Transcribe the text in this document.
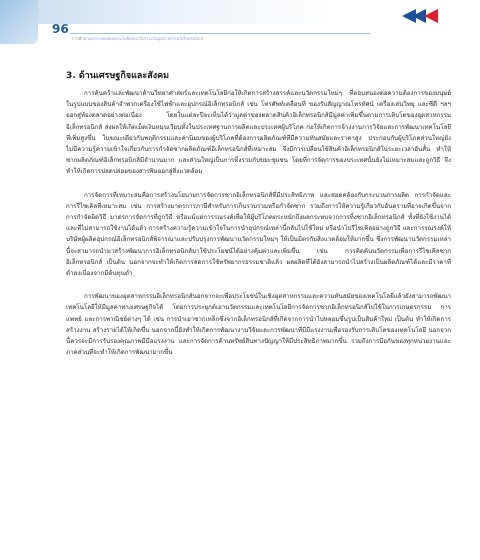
96
การศึกษาผลกระทบต่อเทคโนโลยีและนวัตกรรมในอุตสาหกรรมอิเล็กทรอนิกส์
3. ด้านเศรษฐกิจและสังคม

การค้นคว้าและพัฒนาด้านวิทยาศาสตร์และเทคโนโลยีก่อให้เกิดการสร้างสรรค์และนวัตกรรมใหม่ๆ ที่ตอบสนองต่อความต้องการของมนุษย์ ในรูปแบบของสินค้าจำพวกเครื่องใช้ไฟฟ้าและอุปกรณ์อิเล็กทรอนิกส์ เช่น โทรศัพท์เคลื่อนที่ ของรับสัญญาณโทรทัศน์ เครื่องเล่นวิทยุ และซีดี ฯลฯ ออกสู่ท้องตลาดอย่างต่อเนื่อง โดยในแต่ละปีจะเห็นได้ว่ามูลค่าของตลาดสินค้าอิเล็กทรอนิกส์มีมูลค่าเพิ่มขึ้นตามการเติบโตของอุตสาหกรรมอิเล็กทรอนิกส์ ส่งผลให้เกิดเม็ดเงินหมุนเวียนทั้งในประเทศฐานการผลิตและประเทศผู้บริโภค ก่อให้เกิดการจ้างงานการวิจัยและการพัฒนาเทคโนโลยีที่เพิ่มสูงขึ้น ในขณะเดียวกันพฤติกรรมและค่านิยมของผู้บริโภคที่ต้องการผลิตภัณฑ์ที่มีความทันสมัยและราคาสูง ประกอบกับผู้บริโภคส่วนใหญ่ยังไม่มีความรู้ความเข้าใจเกี่ยวกับการกำจัดซากผลิตภัณฑ์อิเล็กทรอนิกส์ที่เหมาะสม จึงมีการเปลี่ยนใช้สินค้าอิเล็กทรอนิกส์ในระยะเวลาอันสั้น ทำให้ซากผลิตภัณฑ์อิเล็กทรอนิกส์มีจำนวนมาก และส่วนใหญ่เป็นการทิ้งรวมกับขยะชุมชน โดยที่การจัดการของประเทศนั้นยังไม่เหมาะสมและถูกวิธี จึงทำให้เกิดการปลดปล่อยของสารพิษออกสู่สิ่งแวดล้อม

การจัดการที่เหมาะสมคือการสร้างนโยบายการจัดการซากอิเล็กทรอนิกส์ที่มีประสิทธิภาพ และสอดคล้องกับกระบวนการผลิต การกำจัดและการรีไซเคิลที่เหมาะสม เช่น การสร้างมาตรการภาษีสำหรับการเก็บรวบรวมหรือกำจัดซาก รวมถึงการให้ความรู้เกี่ยวกับอันตรายที่อาจเกิดขึ้นจากการกำจัดผิดวิธี มาตรการจัดการที่ถูกวิธี หรือแม้แต่การรณรงค์เพื่อให้ผู้บริโภคตระหนักถึงผลกระทบจากการทิ้งซากอิเล็กทรอนิกส์ ทั้งที่ยังใช้งานได้และที่ไม่สามารถใช้งานได้แล้ว การสร้างความรู้ความเข้าใจในการนำอุปกรณ์เหล่านี้กลับไปใช้ใหม่ หรือนำไปรีไซเคิลอย่างถูกวิธี และการรณรงค์ให้บริษัทผู้ผลิตอุปกรณ์อิเล็กทรอนิกส์พิจารณาและปรับปรุงการพัฒนานวัตกรรมใหม่ๆ ให้เป็นมิตรกับสิ่งแวดล้อมให้มากขึ้น ซึ่งการพัฒนานวัตกรรมเหล่านี้จะสามารถนำมาสร้างพัฒนาการอิเล็กทรอนิกส์มาใช้ประโยชน์ได้อย่างคุ้มค่าและเพิ่มขึ้น เช่น การคิดค้นนวัตกรรมเพื่อการรีไซเคิลซากอิเล็กทรอนิกส์ เป็นต้น นอกจากจะทำให้เกิดการลดการใช้ทรัพยากรธรรมชาติแล้ว ผลผลิตที่ได้ยังสามารถนำไปสร้างเป็นผลิตภัณฑ์ได้และมีราคาที่ต่ำลงเนื่องจากมีต้นทุนต่ำ

การพัฒนาของอุตสาหกรรมอิเล็กทรอนิกส์นอกจากจะเพื่อประโยชน์ในเชิงอุตสาหกรรมและความทันสมัยของเทคโนโลยีแล้วยังสามารถพัฒนาเทคโนโลยีให้มีมูลค่าทางเศรษฐกิจได้ โดยการประยุกต์เอานวัตกรรมและเทคโนโลยีการจัดการซากอิเล็กทรอนิกส์ไปใช้ในการเกษตรกรรม การแพทย์ และการพาณิชย์ต่างๆ ได้ เช่น การนำเอาซากเหล็กซึ่งจากอิเล็กทรอนิกส์ที่เกิดจากการนำไปหลอมขึ้นรูปเป็นสินค้าใหม่ เป็นต้น ทำให้เกิดการสร้างงาน สร้างรายได้ให้เกิดขึ้น นอกจากนี้ยังทำให้เกิดการพัฒนางานวิจัยและการพัฒนาที่มีมีแรงงานเพื่อรองรับการเติบโตของเทคโนโลยี นอกจากนี้ควรจะมีการรับรองคุณภาพมีมือแรงงาน และการจัดการด้านทรัพย์สินทางปัญญาให้มีประสิทธิภาพมากขึ้น รวมถึงการมีอกันของทุกหน่วยงานและภาคส่วนที่จะทำให้เกิดการพัฒนามากขึ้น
